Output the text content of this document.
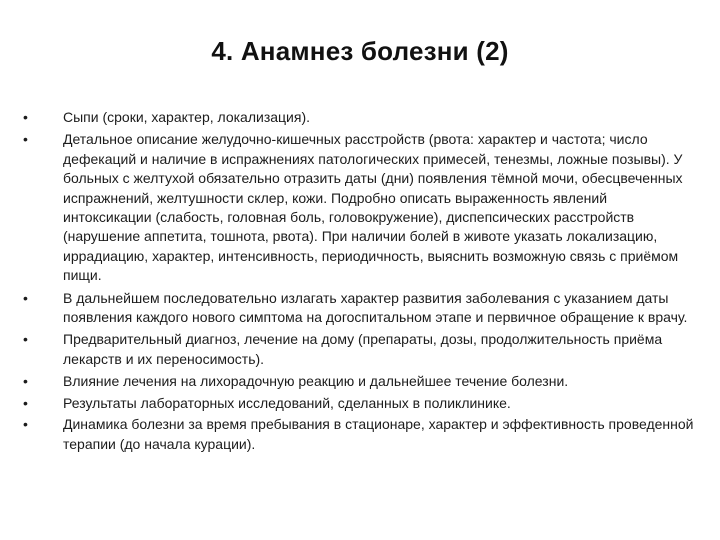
4. Анамнез болезни (2)
•	Сыпи (сроки, характер, локализация).
•	Детальное описание желудочно-кишечных расстройств (рвота: характер и частота; число дефекаций и наличие в испражнениях патологических примесей, тенезмы, ложные позывы). У больных с желтухой обязательно отразить даты (дни) появления тёмной мочи, обесцвеченных испражнений, желтушности склер, кожи. Подробно описать выраженность явлений интоксикации (слабость, головная боль, головокружение), диспепсических расстройств (нарушение аппетита, тошнота, рвота). При наличии болей в животе указать локализацию, иррадиацию, характер, интенсивность, периодичность, выяснить возможную связь с приёмом пищи.
•	В дальнейшем последовательно излагать характер развития заболевания с указанием даты появления каждого нового симптома на догоспитальном этапе и первичное обращение к врачу.
•	Предварительный диагноз, лечение на дому (препараты, дозы, продолжительность приёма лекарств и их переносимость).
•	Влияние лечения на лихорадочную реакцию и дальнейшее течение болезни.
•	Результаты лабораторных исследований, сделанных в поликлинике.
•	Динамика болезни за время пребывания в стационаре, характер и эффективность проведенной терапии (до начала курации).
